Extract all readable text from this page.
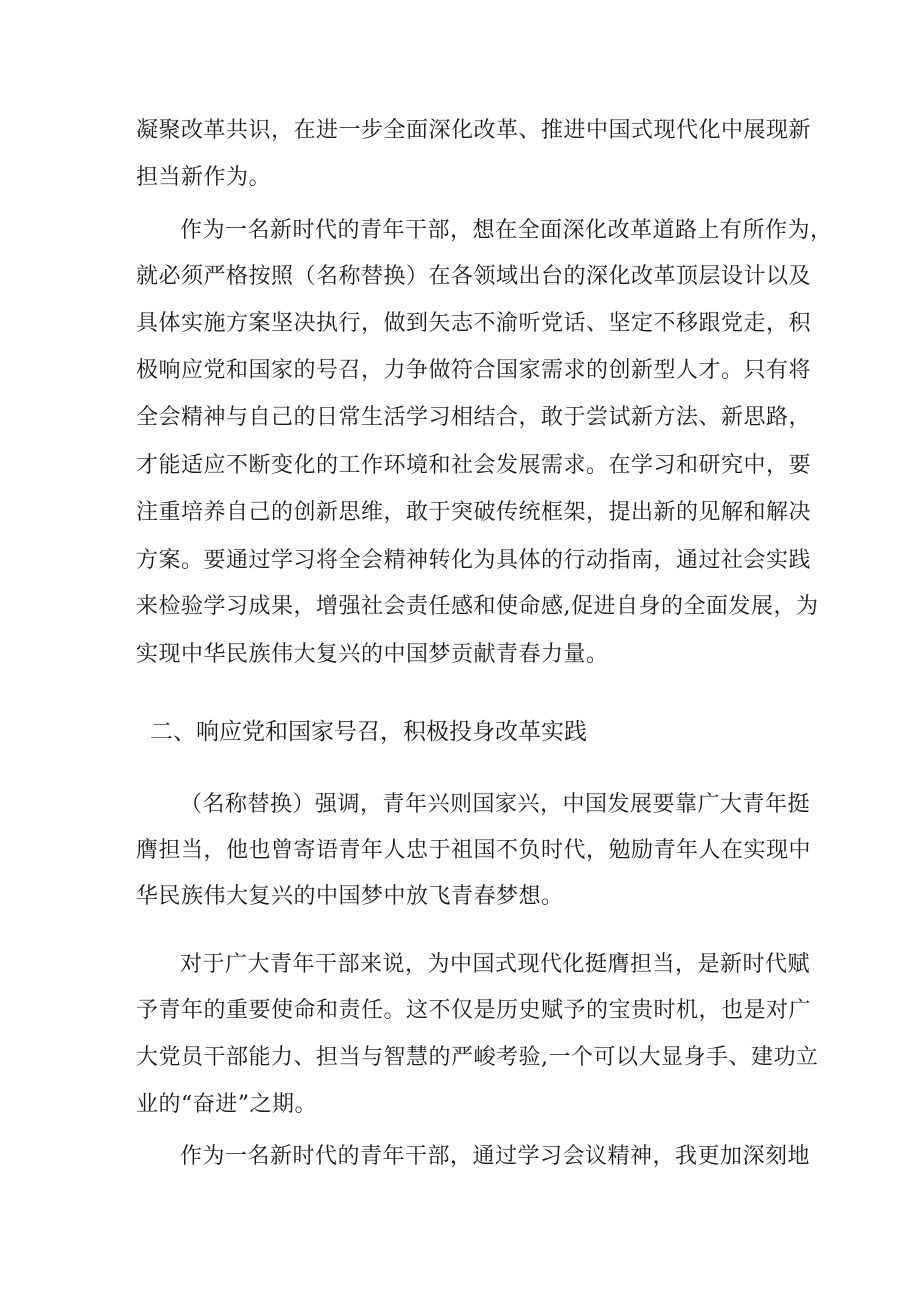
凝聚改革共识，在进一步全面深化改革、推进中国式现代化中展现新

担当新作为。

作为一名新时代的青年干部，想在全面深化改革道路上有所作为，

就必须严格按照（名称替换）在各领域出台的深化改革顶层设计以及

具体实施方案坚决执行，做到矢志不渝听党话、坚定不移跟党走，积

极响应党和国家的号召，力争做符合国家需求的创新型人才。只有将

全会精神与自己的日常生活学习相结合，敢于尝试新方法、新思路，

才能适应不断变化的工作环境和社会发展需求。在学习和研究中，要

注重培养自己的创新思维，敢于突破传统框架，提出新的见解和解决

方案。要通过学习将全会精神转化为具体的行动指南，通过社会实践

来检验学习成果，增强社会责任感和使命感,促进自身的全面发展，为

实现中华民族伟大复兴的中国梦贡献青春力量。

二、响应党和国家号召，积极投身改革实践

（名称替换）强调，青年兴则国家兴，中国发展要靠广大青年挺

膺担当，他也曾寄语青年人忠于祖国不负时代，勉励青年人在实现中

华民族伟大复兴的中国梦中放飞青春梦想。

对于广大青年干部来说，为中国式现代化挺膺担当，是新时代赋

予青年的重要使命和责任。这不仅是历史赋予的宝贵时机，也是对广

大党员干部能力、担当与智慧的严峻考验,一个可以大显身手、建功立

业的“奋进”之期。

作为一名新时代的青年干部，通过学习会议精神，我更加深刻地
